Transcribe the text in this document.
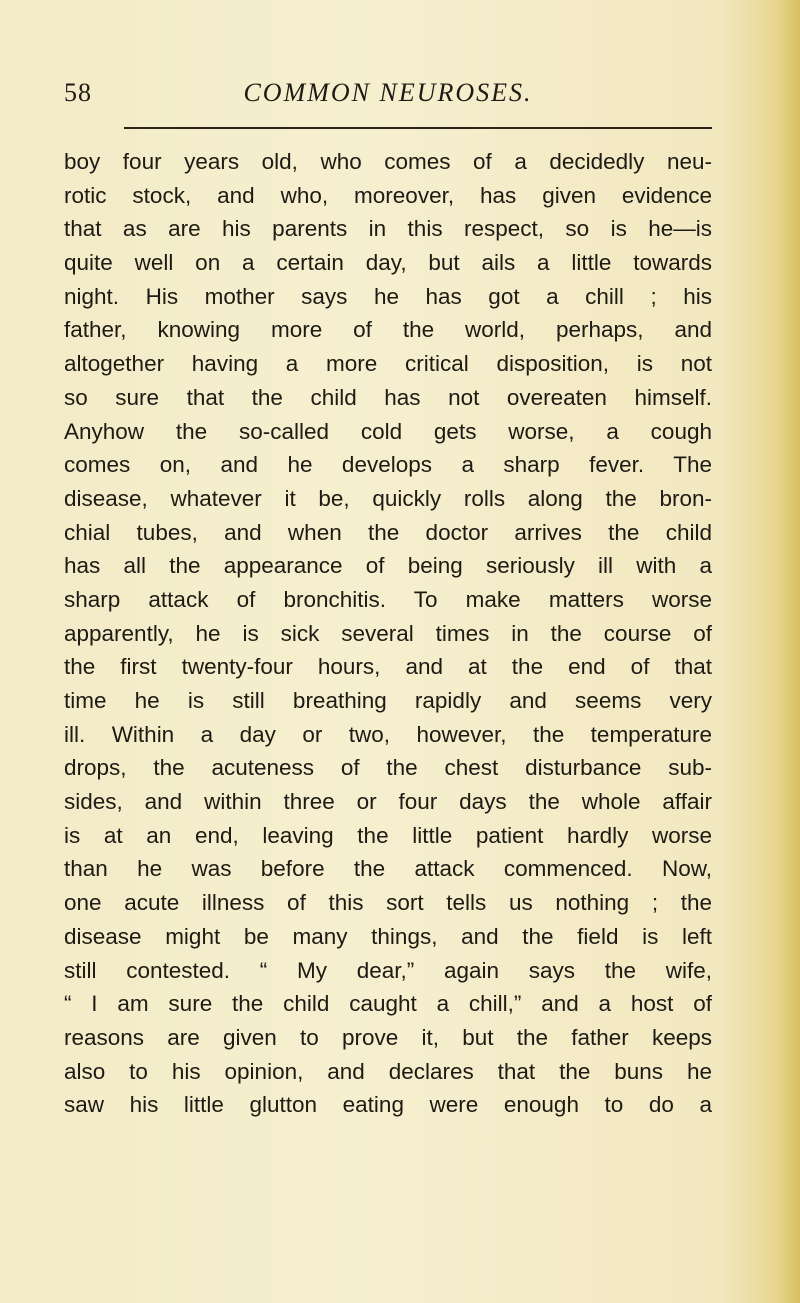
58	COMMON NEUROSES.
boy four years old, who comes of a decidedly neu-
rotic stock, and who, moreover, has given evidence
that as are his parents in this respect, so is he—is
quite well on a certain day, but ails a little towards
night. His mother says he has got a chill ; his
father, knowing more of the world, perhaps, and
altogether having a more critical disposition, is not
so sure that the child has not overeaten himself.
Anyhow the so-called cold gets worse, a cough
comes on, and he develops a sharp fever. The
disease, whatever it be, quickly rolls along the bron-
chial tubes, and when the doctor arrives the child
has all the appearance of being seriously ill with a
sharp attack of bronchitis. To make matters worse
apparently, he is sick several times in the course of
the first twenty-four hours, and at the end of that
time he is still breathing rapidly and seems very
ill. Within a day or two, however, the temperature
drops, the acuteness of the chest disturbance sub-
sides, and within three or four days the whole affair
is at an end, leaving the little patient hardly worse
than he was before the attack commenced. Now,
one acute illness of this sort tells us nothing ; the
disease might be many things, and the field is left
still contested. “ My dear,” again says the wife,
“ I am sure the child caught a chill,” and a host of
reasons are given to prove it, but the father keeps
also to his opinion, and declares that the buns he
saw his little glutton eating were enough to do a
